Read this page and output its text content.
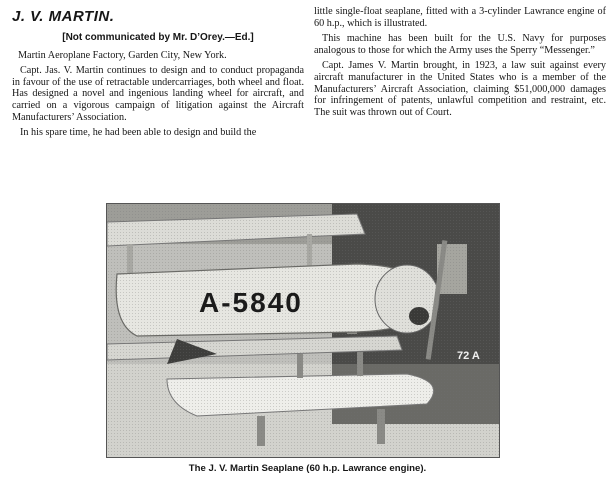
J. V. MARTIN.
[Not communicated by Mr. D’Orey.—Ed.]
Martin Aeroplane Factory, Garden City, New York.

Capt. Jas. V. Martin continues to design and to conduct propaganda in favour of the use of retractable undercarriages, both wheel and float. Has designed a novel and ingenious landing wheel for aircraft, and carried on a vigorous campaign of litigation against the Aircraft Manufacturers’ Association.

In his spare time, he had been able to design and build the

little single-float seaplane, fitted with a 3-cylinder Lawrance engine of 60 h.p., which is illustrated.

This machine has been built for the U.S. Navy for purposes analogous to those for which the Army uses the Sperry “Messenger.”

Capt. James V. Martin brought, in 1923, a law suit against every aircraft manufacturer in the United States who is a member of the Manufacturers’ Aircraft Association, claiming $51,000,000 damages for infringement of patents, unlawful competition and restraint, etc. The suit was thrown out of Court.

A-5840
72 A
The J. V. Martin Seaplane (60 h.p. Lawrance engine).
